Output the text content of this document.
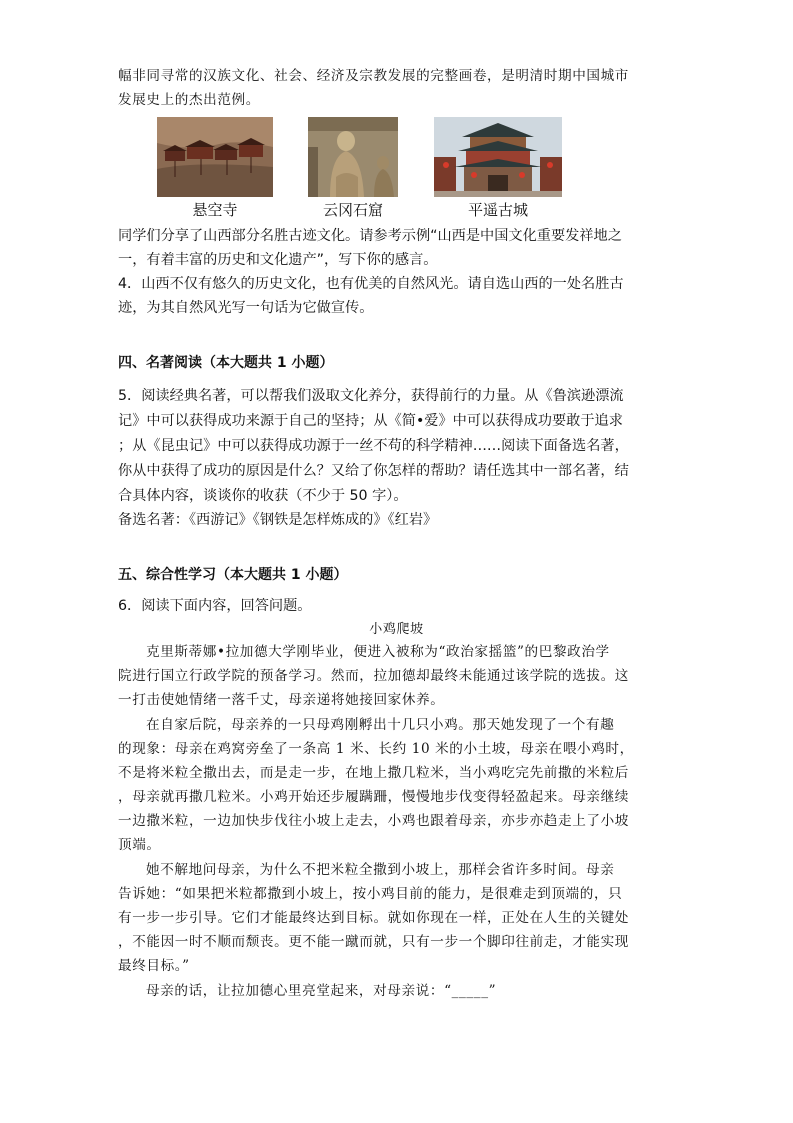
幅非同寻常的汉族文化、社会、经济及宗教发展的完整画卷，是明清时期中国城市
发展史上的杰出范例。
悬空寺	云冈石窟	平遥古城
同学们分享了山西部分名胜古迹文化。请参考示例“山西是中国文化重要发祥地之
一，有着丰富的历史和文化遗产”，写下你的感言。
4．山西不仅有悠久的历史文化，也有优美的自然风光。请自选山西的一处名胜古
迹，为其自然风光写一句话为它做宣传。
四、名著阅读（本大题共 1 小题）
5．阅读经典名著，可以帮我们汲取文化养分，获得前行的力量。从《鲁滨逊漂流
记》中可以获得成功来源于自己的坚持；从《简•爱》中可以获得成功要敢于追求
；从《昆虫记》中可以获得成功源于一丝不苟的科学精神……阅读下面备选名著，
你从中获得了成功的原因是什么？又给了你怎样的帮助？请任选其中一部名著，结
合具体内容，谈谈你的收获（不少于 50 字）。
备选名著：《西游记》《钢铁是怎样炼成的》《红岩》
五、综合性学习（本大题共 1 小题）
6．阅读下面内容，回答问题。
小鸡爬坡
克里斯蒂娜•拉加德大学刚毕业，便进入被称为“政治家摇篮”的巴黎政治学
院进行国立行政学院的预备学习。然而，拉加德却最终未能通过该学院的选拔。这
一打击使她情绪一落千丈，母亲递将她接回家休养。
在自家后院，母亲养的一只母鸡刚孵出十几只小鸡。那天她发现了一个有趣
的现象：母亲在鸡窝旁垒了一条高 1 米、长约 10 米的小土坡，母亲在喂小鸡时，
不是将米粒全撒出去，而是走一步，在地上撒几粒米，当小鸡吃完先前撒的米粒后
，母亲就再撒几粒米。小鸡开始还步履蹒跚，慢慢地步伐变得轻盈起来。母亲继续
一边撒米粒，一边加快步伐往小坡上走去，小鸡也跟着母亲，亦步亦趋走上了小坡
顶端。
她不解地问母亲，为什么不把米粒全撒到小坡上，那样会省许多时间。母亲
告诉她：“如果把米粒都撒到小坡上，按小鸡目前的能力，是很难走到顶端的，只
有一步一步引导。它们才能最终达到目标。就如你现在一样，正处在人生的关键处
，不能因一时不顺而颓丧。更不能一蹴而就，只有一步一个脚印往前走，才能实现
最终目标。”
母亲的话，让拉加德心里亮堂起来，对母亲说：“_____”
